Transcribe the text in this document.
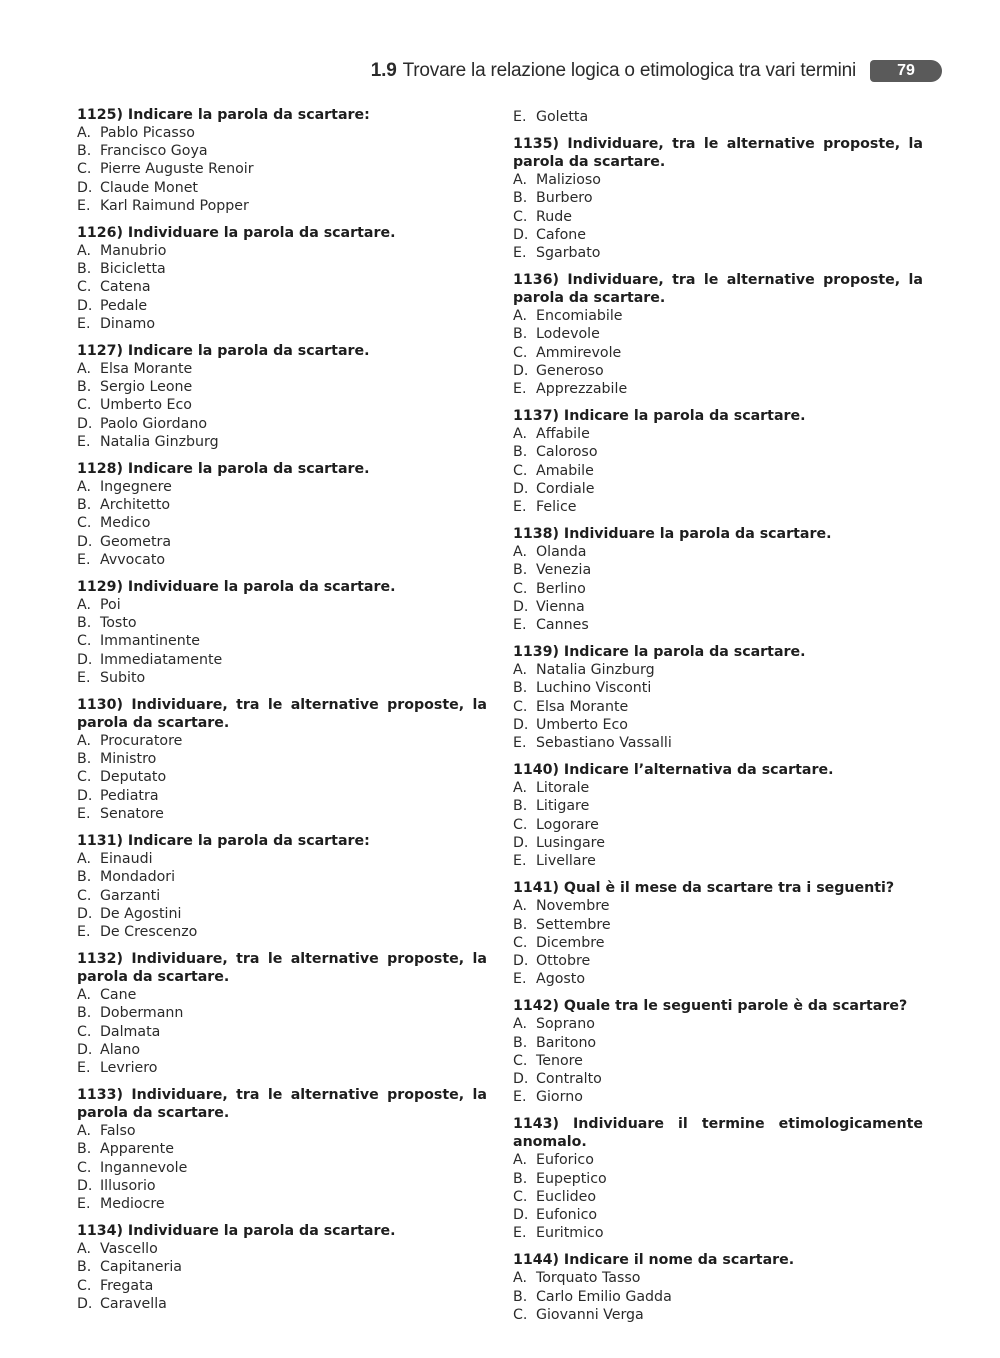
1.9 Trovare la relazione logica o etimologica tra vari termini	79
1125) Indicare la parola da scartare:
A. Pablo Picasso
B. Francisco Goya
C. Pierre Auguste Renoir
D. Claude Monet
E. Karl Raimund Popper
1126) Individuare la parola da scartare.
A. Manubrio
B. Bicicletta
C. Catena
D. Pedale
E. Dinamo
1127) Indicare la parola da scartare.
A. Elsa Morante
B. Sergio Leone
C. Umberto Eco
D. Paolo Giordano
E. Natalia Ginzburg
1128) Indicare la parola da scartare.
A. Ingegnere
B. Architetto
C. Medico
D. Geometra
E. Avvocato
1129) Individuare la parola da scartare.
A. Poi
B. Tosto
C. Immantinente
D. Immediatamente
E. Subito
1130) Individuare, tra le alternative proposte, la parola da scartare.
A. Procuratore
B. Ministro
C. Deputato
D. Pediatra
E. Senatore
1131) Indicare la parola da scartare:
A. Einaudi
B. Mondadori
C. Garzanti
D. De Agostini
E. De Crescenzo
1132) Individuare, tra le alternative proposte, la parola da scartare.
A. Cane
B. Dobermann
C. Dalmata
D. Alano
E. Levriero
1133) Individuare, tra le alternative proposte, la parola da scartare.
A. Falso
B. Apparente
C. Ingannevole
D. Illusorio
E. Mediocre
1134) Individuare la parola da scartare.
A. Vascello
B. Capitaneria
C. Fregata
D. Caravella
E. Goletta
1135) Individuare, tra le alternative proposte, la parola da scartare.
A. Malizioso
B. Burbero
C. Rude
D. Cafone
E. Sgarbato
1136) Individuare, tra le alternative proposte, la parola da scartare.
A. Encomiabile
B. Lodevole
C. Ammirevole
D. Generoso
E. Apprezzabile
1137) Indicare la parola da scartare.
A. Affabile
B. Caloroso
C. Amabile
D. Cordiale
E. Felice
1138) Individuare la parola da scartare.
A. Olanda
B. Venezia
C. Berlino
D. Vienna
E. Cannes
1139) Indicare la parola da scartare.
A. Natalia Ginzburg
B. Luchino Visconti
C. Elsa Morante
D. Umberto Eco
E. Sebastiano Vassalli
1140) Indicare l’alternativa da scartare.
A. Litorale
B. Litigare
C. Logorare
D. Lusingare
E. Livellare
1141) Qual è il mese da scartare tra i seguenti?
A. Novembre
B. Settembre
C. Dicembre
D. Ottobre
E. Agosto
1142) Quale tra le seguenti parole è da scartare?
A. Soprano
B. Baritono
C. Tenore
D. Contralto
E. Giorno
1143) Individuare il termine etimologicamente anomalo.
A. Euforico
B. Eupeptico
C. Euclideo
D. Eufonico
E. Euritmico
1144) Indicare il nome da scartare.
A. Torquato Tasso
B. Carlo Emilio Gadda
C. Giovanni Verga
